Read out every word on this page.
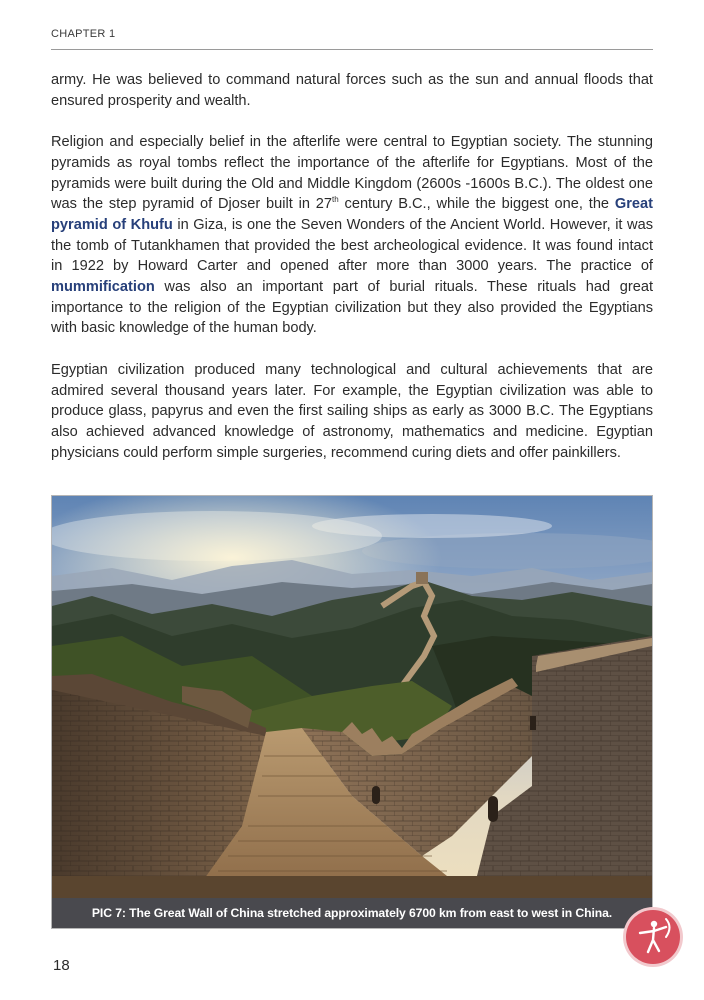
CHAPTER 1

army. He was believed to command natural forces such as the sun and annual floods that ensured prosperity and wealth.

Religion and especially belief in the afterlife were central to Egyptian society. The stunning pyramids as royal tombs reflect the importance of the afterlife for Egyptians. Most of the pyramids were built during the Old and Middle Kingdom (2600s -1600s B.C.). The oldest one was the step pyramid of Djoser built in 27th century B.C., while the biggest one, the Great pyramid of Khufu in Giza, is one the Seven Wonders of the Ancient World. However, it was the tomb of Tutankhamen that provided the best archeological evidence. It was found intact in 1922 by Howard Carter and opened after more than 3000 years. The practice of mummification was also an important part of burial rituals. These rituals had great importance to the religion of the Egyptian civilization but they also provided the Egyptians with basic knowledge of the human body.

Egyptian civilization produced many technological and cultural achievements that are admired several thousand years later. For example, the Egyptian civilization was able to produce glass, papyrus and even the first sailing ships as early as 3000 B.C. The Egyptians also achieved advanced knowledge of astronomy, mathematics and medicine. Egyptian physicians could perform simple surgeries, recommend curing diets and offer painkillers.

PIC 7: The Great Wall of China stretched approximately 6700 km from east to west in China.
18
